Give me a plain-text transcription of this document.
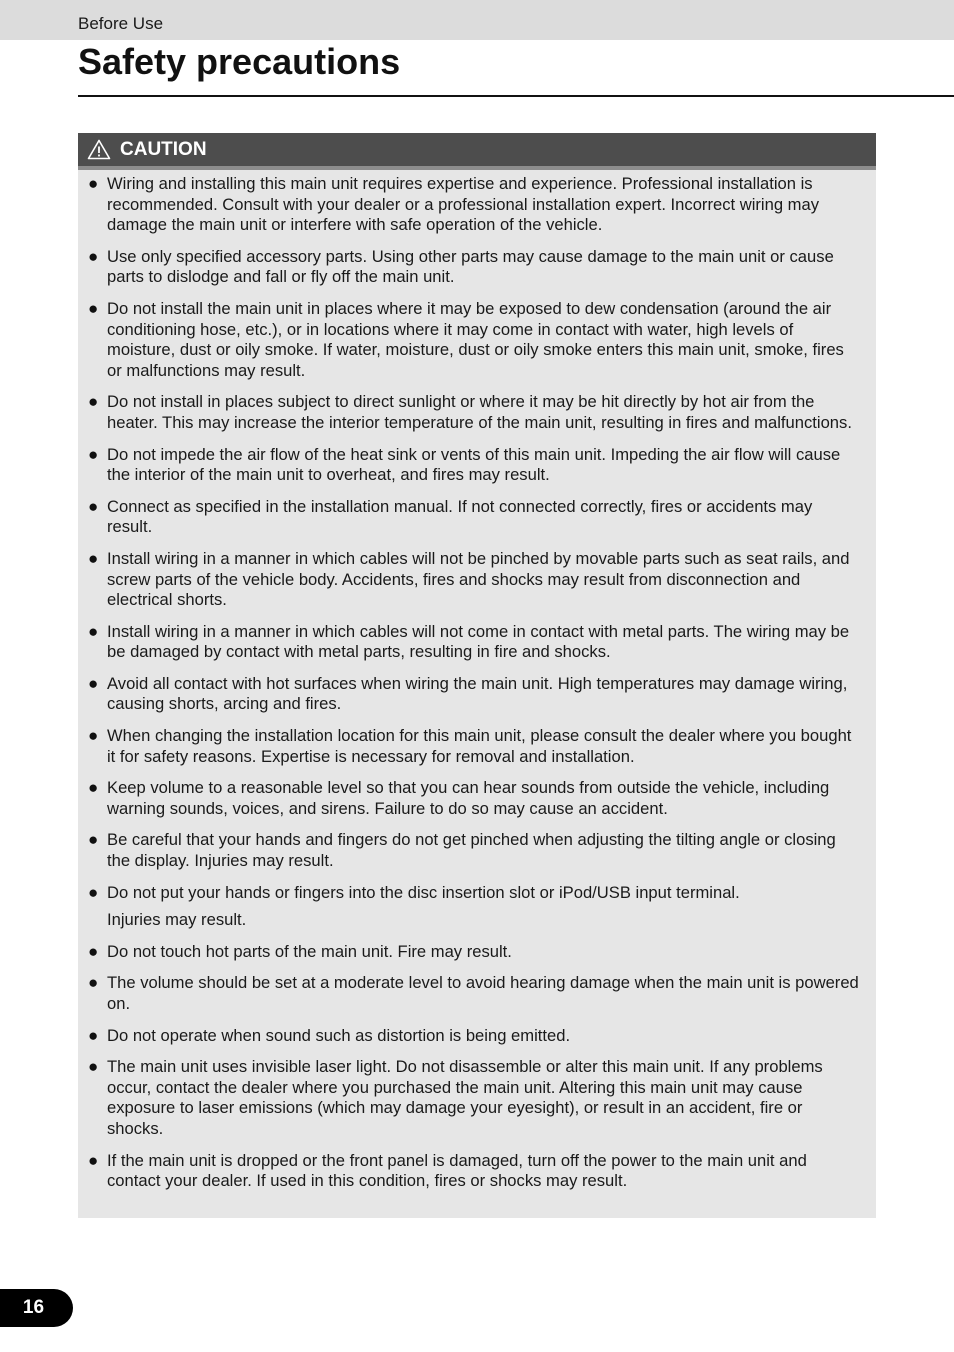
Before Use
Safety precautions
CAUTION
● Wiring and installing this main unit requires expertise and experience. Professional installation is recommended. Consult with your dealer or a professional installation expert. Incorrect wiring may damage the main unit or interfere with safe operation of the vehicle.
● Use only specified accessory parts. Using other parts may cause damage to the main unit or cause parts to dislodge and fall or fly off the main unit.
● Do not install the main unit in places where it may be exposed to dew condensation (around the air conditioning hose, etc.), or in locations where it may come in contact with water, high levels of moisture, dust or oily smoke. If water, moisture, dust or oily smoke enters this main unit, smoke, fires or malfunctions may result.
● Do not install in places subject to direct sunlight or where it may be hit directly by hot air from the heater. This may increase the interior temperature of the main unit, resulting in fires and malfunctions.
● Do not impede the air flow of the heat sink or vents of this main unit. Impeding the air flow will cause the interior of the main unit to overheat, and fires may result.
● Connect as specified in the installation manual. If not connected correctly, fires or accidents may result.
● Install wiring in a manner in which cables will not be pinched by movable parts such as seat rails, and screw parts of the vehicle body. Accidents, fires and shocks may result from disconnection and electrical shorts.
● Install wiring in a manner in which cables will not come in contact with metal parts. The wiring may be be damaged by contact with metal parts, resulting in fire and shocks.
● Avoid all contact with hot surfaces when wiring the main unit. High temperatures may damage wiring, causing shorts, arcing and fires.
● When changing the installation location for this main unit, please consult the dealer where you bought it for safety reasons. Expertise is necessary for removal and installation.
● Keep volume to a reasonable level so that you can hear sounds from outside the vehicle, including warning sounds, voices, and sirens. Failure to do so may cause an accident.
● Be careful that your hands and fingers do not get pinched when adjusting the tilting angle or closing the display. Injuries may result.
● Do not put your hands or fingers into the disc insertion slot or iPod/USB input terminal.
Injuries may result.
● Do not touch hot parts of the main unit. Fire may result.
● The volume should be set at a moderate level to avoid hearing damage when the main unit is powered on.
● Do not operate when sound such as distortion is being emitted.
● The main unit uses invisible laser light. Do not disassemble or alter this main unit. If any problems occur, contact the dealer where you purchased the main unit. Altering this main unit may cause exposure to laser emissions (which may damage your eyesight), or result in an accident, fire or shocks.
● If the main unit is dropped or the front panel is damaged, turn off the power to the main unit and contact your dealer. If used in this condition, fires or shocks may result.
16
